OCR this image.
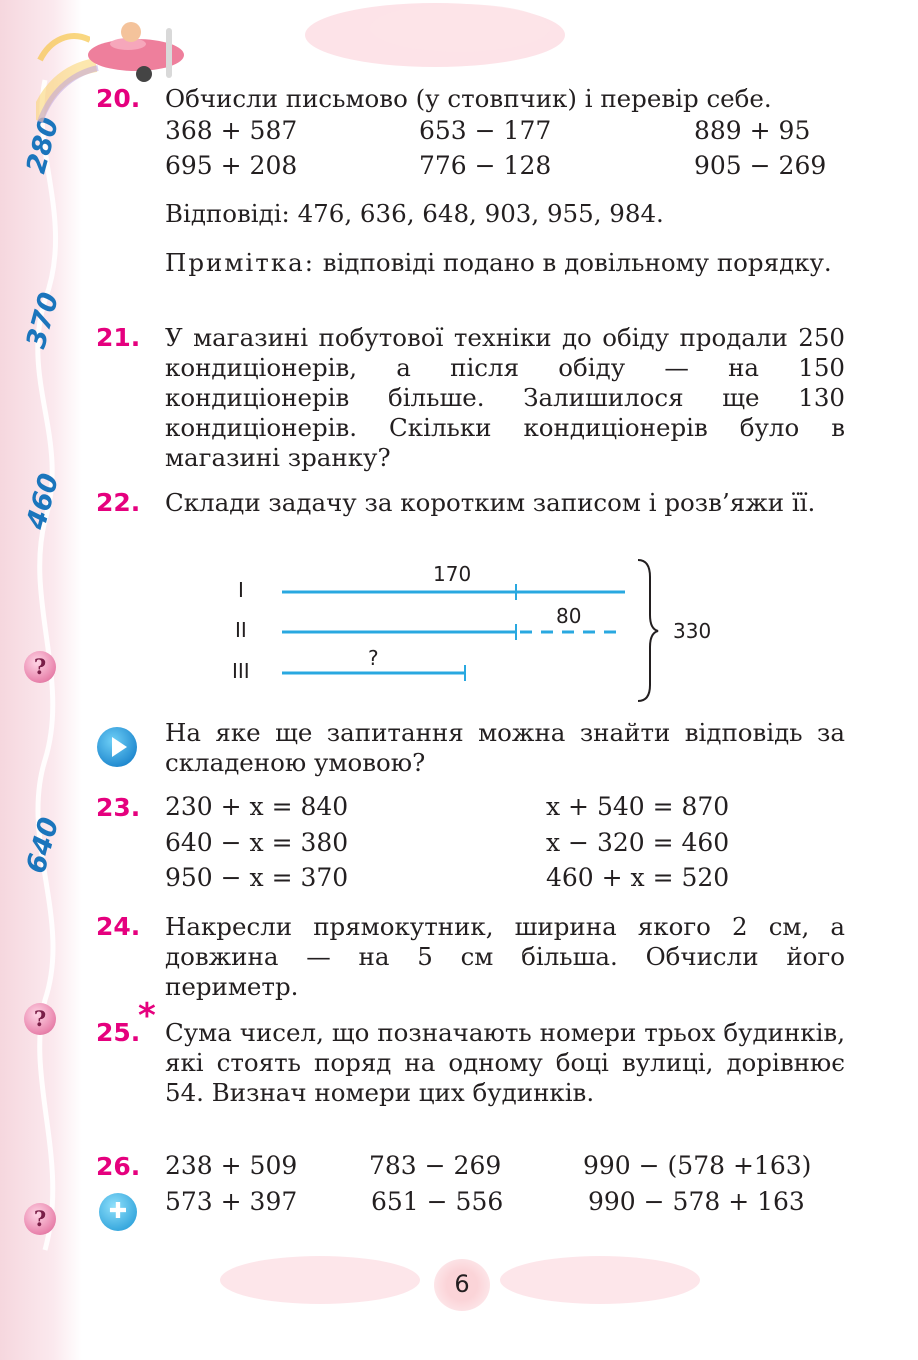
280
370
460
640
?
?
?
20. Обчисли письмово (у стовпчик) і перевір себе.
368 + 587	653 − 177	889 + 95
695 + 208	776 − 128	905 − 269
Відповіді: 476, 636, 648, 903, 955, 984.
Примітка: відповіді подано в довільному порядку.
21. У магазині побутової техніки до обіду продали 250 кондиціонерів, а після обіду — на 150 кондиціонерів більше. Залишилося ще 130 кондиціонерів. Скільки кондиціонерів було в магазині зранку?
22. Склади задачу за коротким записом і розв’яжи її.
I
II
III
170
80
?
330
На яке ще запитання можна знайти відповідь за складеною умовою?
23. 230 + x = 840	x + 540 = 870
640 − x = 380	x − 320 = 460
950 − x = 370	460 + x = 520
24. Накресли прямокутник, ширина якого 2 см, а довжина — на 5 см більша. Обчисли його периметр.
25.
* Сума чисел, що позначають номери трьох будинків, які стоять поряд на одному боці вулиці, дорівнює 54. Визнач номери цих будинків.
26. 238 + 509	783 − 269	990 − (578 +163)
✚	573 + 397	651 − 556	990 − 578 + 163
6
